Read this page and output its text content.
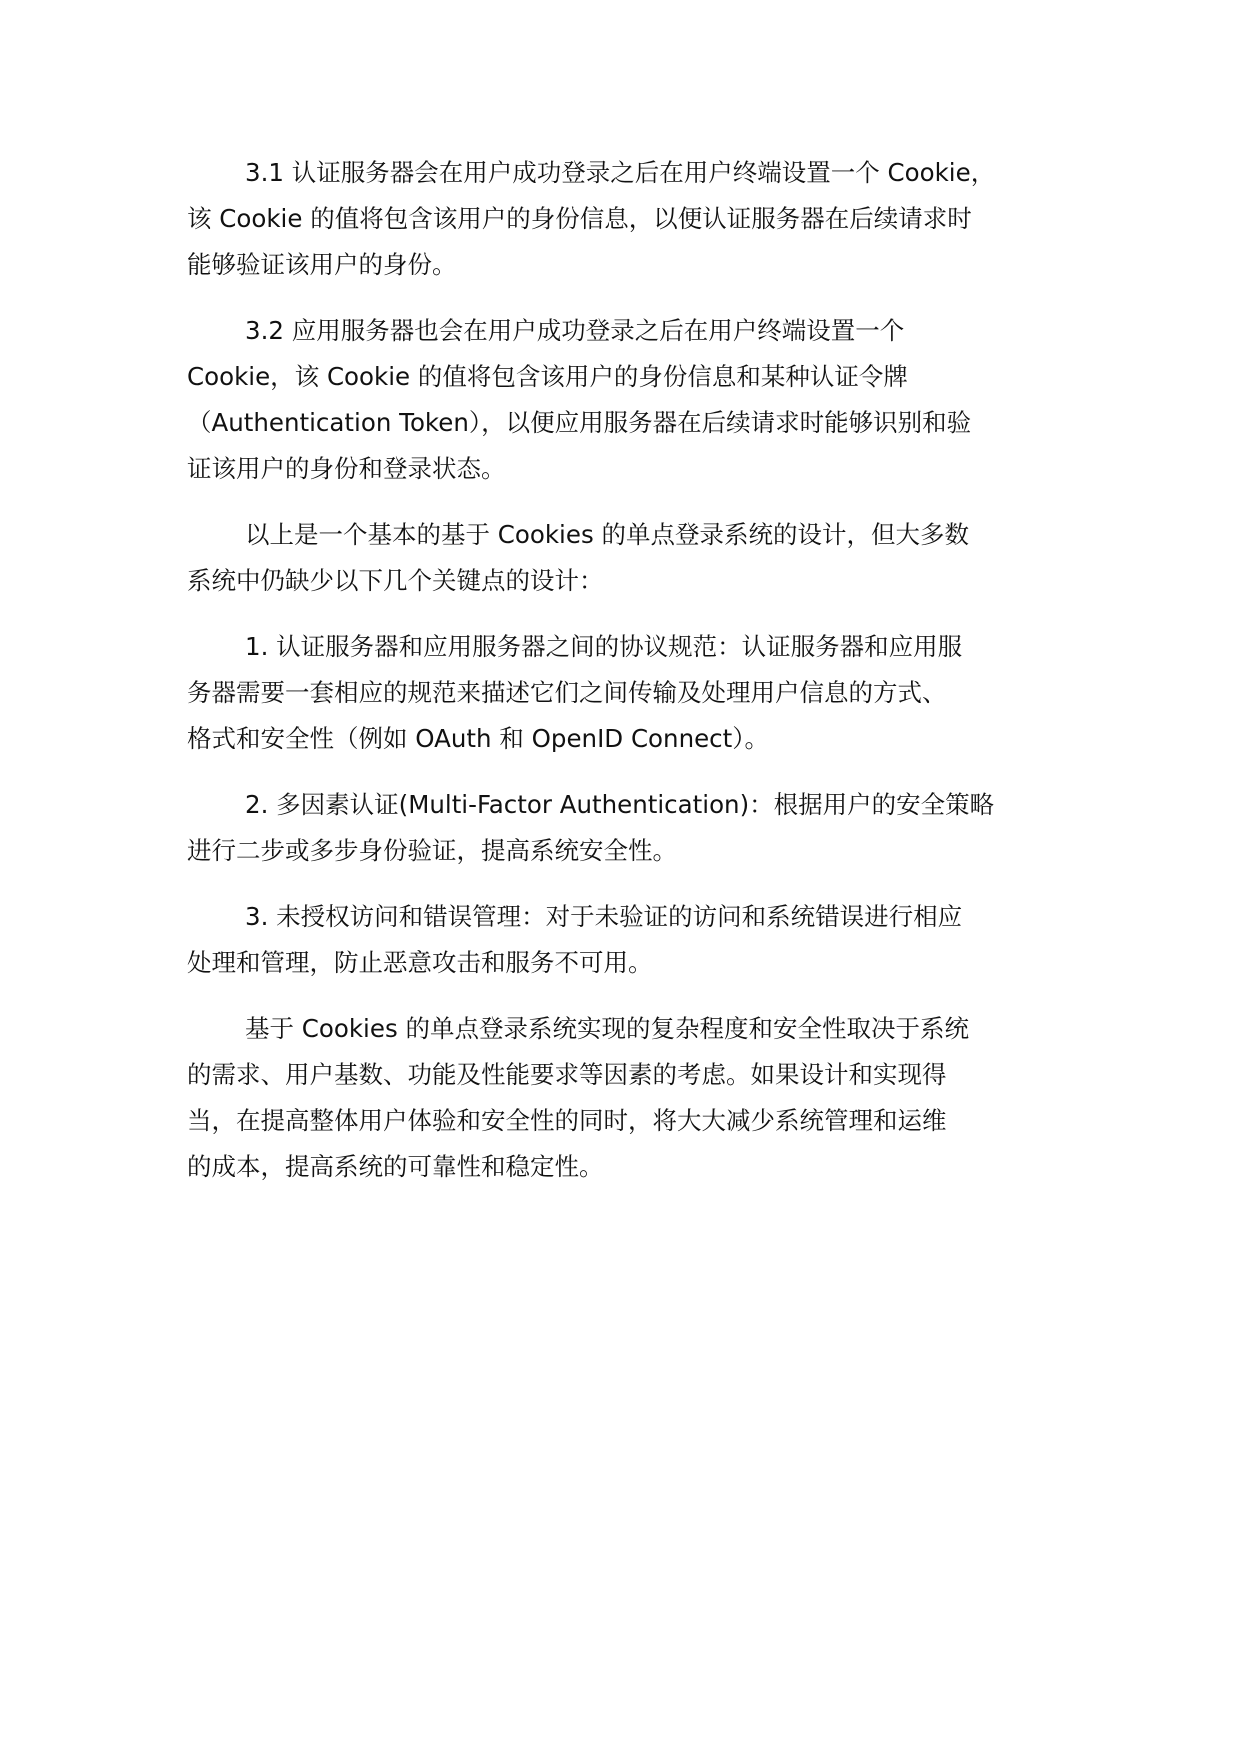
3.1 认证服务器会在用户成功登录之后在用户终端设置一个 Cookie，
该 Cookie 的值将包含该用户的身份信息，以便认证服务器在后续请求时
能够验证该用户的身份。

3.2 应用服务器也会在用户成功登录之后在用户终端设置一个
Cookie，该 Cookie 的值将包含该用户的身份信息和某种认证令牌
（Authentication Token），以便应用服务器在后续请求时能够识别和验
证该用户的身份和登录状态。

以上是一个基本的基于 Cookies 的单点登录系统的设计，但大多数
系统中仍缺少以下几个关键点的设计：

1. 认证服务器和应用服务器之间的协议规范：认证服务器和应用服
务器需要一套相应的规范来描述它们之间传输及处理用户信息的方式、
格式和安全性（例如 OAuth 和 OpenID Connect）。

2. 多因素认证(Multi-Factor Authentication)：根据用户的安全策略
进行二步或多步身份验证，提高系统安全性。

3. 未授权访问和错误管理：对于未验证的访问和系统错误进行相应
处理和管理，防止恶意攻击和服务不可用。

基于 Cookies 的单点登录系统实现的复杂程度和安全性取决于系统
的需求、用户基数、功能及性能要求等因素的考虑。如果设计和实现得
当，在提高整体用户体验和安全性的同时，将大大减少系统管理和运维
的成本，提高系统的可靠性和稳定性。
